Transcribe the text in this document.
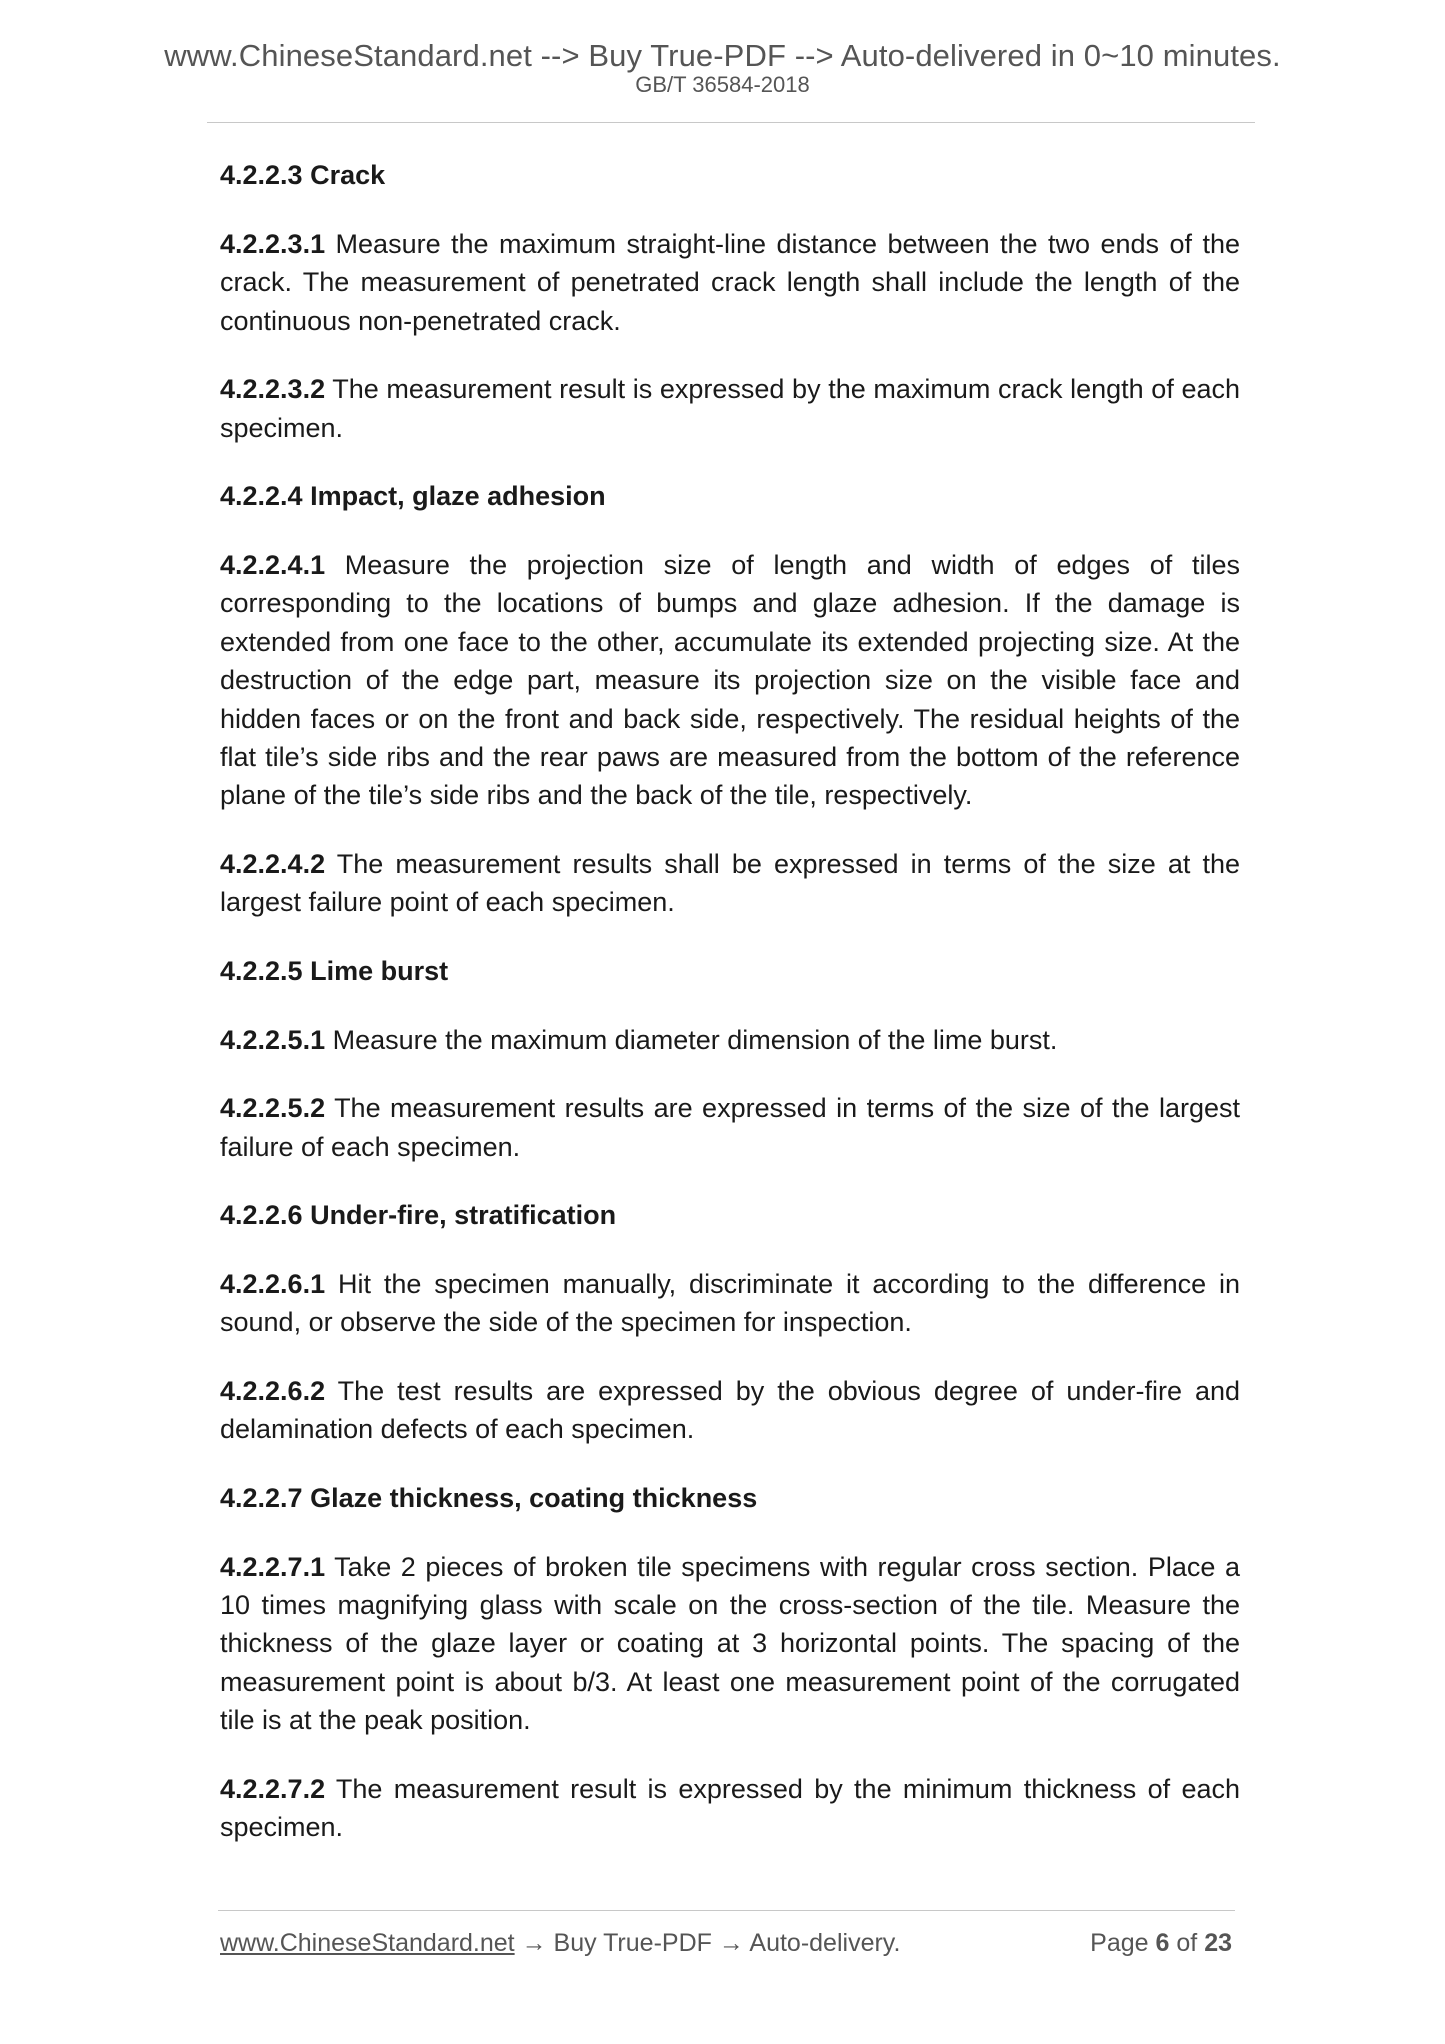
www.ChineseStandard.net --> Buy True-PDF --> Auto-delivered in 0~10 minutes.
GB/T 36584-2018
4.2.2.3 Crack
4.2.2.3.1 Measure the maximum straight-line distance between the two ends of the crack. The measurement of penetrated crack length shall include the length of the continuous non-penetrated crack.
4.2.2.3.2 The measurement result is expressed by the maximum crack length of each specimen.
4.2.2.4 Impact, glaze adhesion
4.2.2.4.1 Measure the projection size of length and width of edges of tiles corresponding to the locations of bumps and glaze adhesion. If the damage is extended from one face to the other, accumulate its extended projecting size. At the destruction of the edge part, measure its projection size on the visible face and hidden faces or on the front and back side, respectively. The residual heights of the flat tile’s side ribs and the rear paws are measured from the bottom of the reference plane of the tile’s side ribs and the back of the tile, respectively.
4.2.2.4.2 The measurement results shall be expressed in terms of the size at the largest failure point of each specimen.
4.2.2.5 Lime burst
4.2.2.5.1 Measure the maximum diameter dimension of the lime burst.
4.2.2.5.2 The measurement results are expressed in terms of the size of the largest failure of each specimen.
4.2.2.6 Under-fire, stratification
4.2.2.6.1 Hit the specimen manually, discriminate it according to the difference in sound, or observe the side of the specimen for inspection.
4.2.2.6.2 The test results are expressed by the obvious degree of under-fire and delamination defects of each specimen.
4.2.2.7 Glaze thickness, coating thickness
4.2.2.7.1 Take 2 pieces of broken tile specimens with regular cross section. Place a 10 times magnifying glass with scale on the cross-section of the tile. Measure the thickness of the glaze layer or coating at 3 horizontal points. The spacing of the measurement point is about b/3. At least one measurement point of the corrugated tile is at the peak position.
4.2.2.7.2 The measurement result is expressed by the minimum thickness of each specimen.
www.ChineseStandard.net → Buy True-PDF → Auto-delivery.	Page 6 of 23
